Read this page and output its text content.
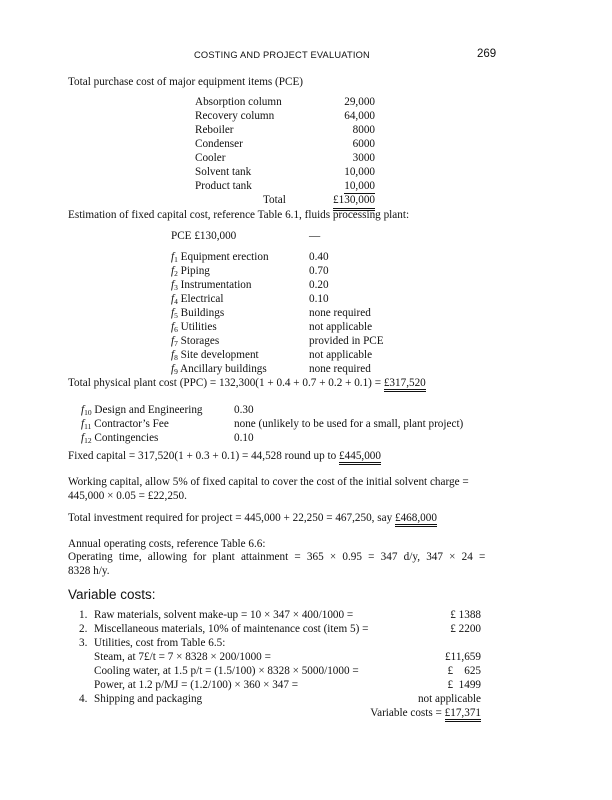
COSTING AND PROJECT EVALUATION	269
Total purchase cost of major equipment items (PCE)
Absorption column	29,000
Recovery column	64,000
Reboiler	8000
Condenser	6000
Cooler	3000
Solvent tank	10,000
Product tank	10,000
Total	£130,000
Estimation of fixed capital cost, reference Table 6.1, fluids processing plant:
PCE £130,000	—
$f_1$ Equipment erection	0.40
$f_2$ Piping	0.70
$f_3$ Instrumentation	0.20
$f_4$ Electrical	0.10
$f_5$ Buildings	none required
$f_6$ Utilities	not applicable
$f_7$ Storages	provided in PCE
$f_8$ Site development	not applicable
$f_9$ Ancillary buildings	none required
Total physical plant cost (PPC) = 132,300(1 + 0.4 + 0.7 + 0.2 + 0.1) = £317,520
$f_{10}$ Design and Engineering	0.30
$f_{11}$ Contractor’s Fee	none (unlikely to be used for a small, plant project)
$f_{12}$ Contingencies	0.10
Fixed capital = 317,520(1 + 0.3 + 0.1) = 44,528 round up to £445,000
Working capital, allow 5% of fixed capital to cover the cost of the initial solvent charge =
445,000 × 0.05 = £22,250.
Total investment required for project = 445,000 + 22,250 = 467,250, say £468,000
Annual operating costs, reference Table 6.6:
Operating time, allowing for plant attainment = 365 × 0.95 = 347 d/y, 347 × 24 =
8328 h/y.
Variable costs:
1. Raw materials, solvent make-up = 10 × 347 × 400/1000 =	£ 1388
2. Miscellaneous materials, 10% of maintenance cost (item 5) =	£ 2200
3. Utilities, cost from Table 6.5:
Steam, at 7£/t = 7 × 8328 × 200/1000 =	£11,659
Cooling water, at 1.5 p/t = (1.5/100) × 8328 × 5000/1000 =	£    625
Power, at 1.2 p/MJ = (1.2/100) × 360 × 347 =	£  1499
4. Shipping and packaging	not applicable
Variable costs = £17,371
